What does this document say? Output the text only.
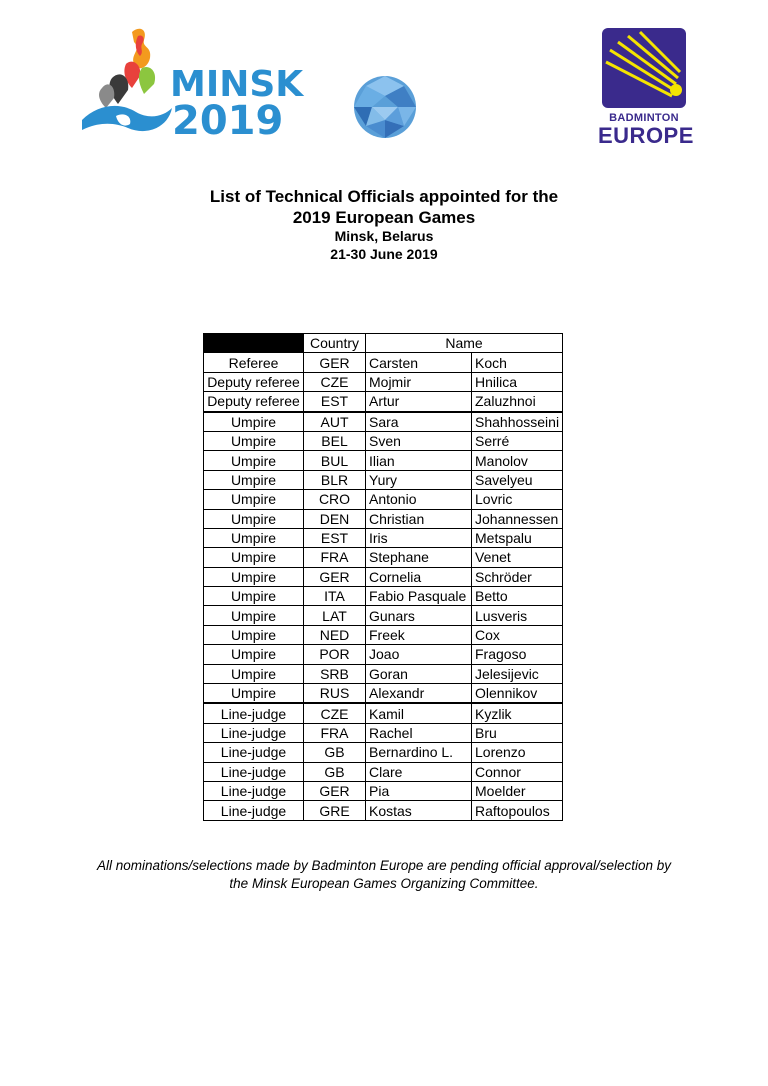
MINSK
2019	BADMINTON
EUROPE
List of Technical Officials appointed for the
2019 European Games
Minsk, Belarus
21-30 June 2019
	Country	Name	
Referee	GER	Carsten	Koch
Deputy referee	CZE	Mojmir	Hnilica
Deputy referee	EST	Artur	Zaluzhnoi
Umpire	AUT	Sara	Shahhosseini
Umpire	BEL	Sven	Serré
Umpire	BUL	Ilian	Manolov
Umpire	BLR	Yury	Savelyeu
Umpire	CRO	Antonio	Lovric
Umpire	DEN	Christian	Johannessen
Umpire	EST	Iris	Metspalu
Umpire	FRA	Stephane	Venet
Umpire	GER	Cornelia	Schröder
Umpire	ITA	Fabio Pasquale	Betto
Umpire	LAT	Gunars	Lusveris
Umpire	NED	Freek	Cox
Umpire	POR	Joao	Fragoso
Umpire	SRB	Goran	Jelesijevic
Umpire	RUS	Alexandr	Olennikov
Line-judge	CZE	Kamil	Kyzlik
Line-judge	FRA	Rachel	Bru
Line-judge	GB	Bernardino L.	Lorenzo
Line-judge	GB	Clare	Connor
Line-judge	GER	Pia	Moelder
Line-judge	GRE	Kostas	Raftopoulos
All nominations/selections made by Badminton Europe are pending official approval/selection by
the Minsk European Games Organizing Committee.
